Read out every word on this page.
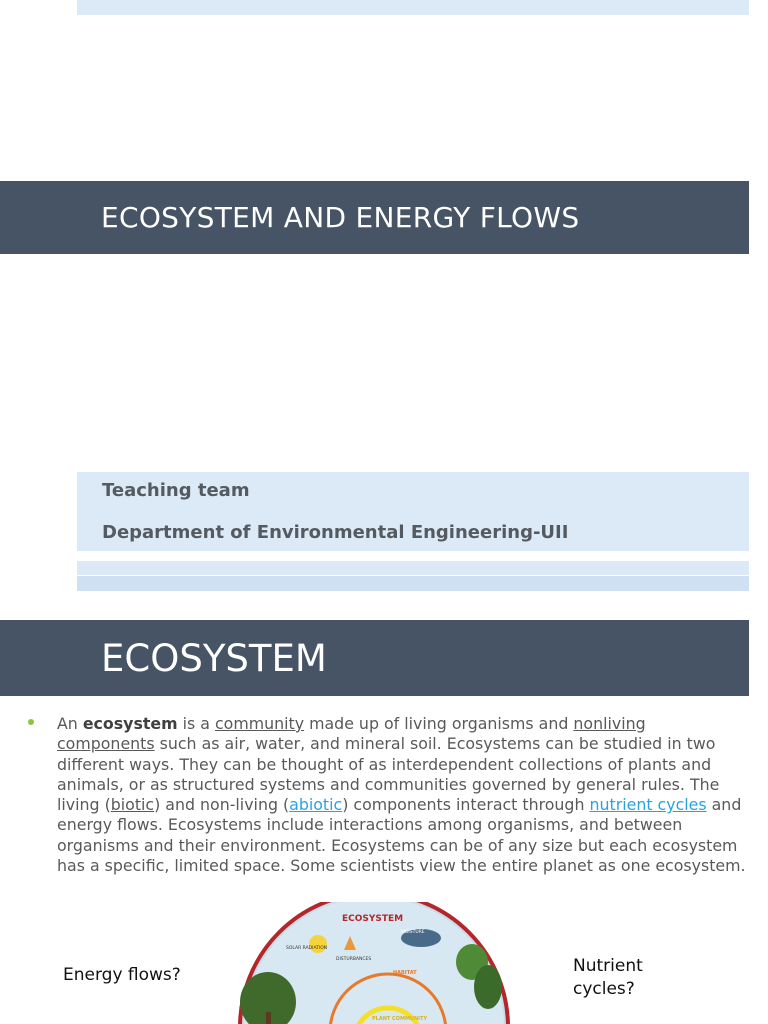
ECOSYSTEM AND ENERGY FLOWS
Teaching team
Department of Environmental Engineering-UII
ECOSYSTEM
An ecosystem is a community made up of living organisms and nonliving components such as air, water, and mineral soil. Ecosystems can be studied in two different ways. They can be thought of as interdependent collections of plants and animals, or as structured systems and communities governed by general rules. The living (biotic) and non-living (abiotic) components interact through nutrient cycles and energy flows. Ecosystems include interactions among organisms, and between organisms and their environment. Ecosystems can be of any size but each ecosystem has a specific, limited space. Some scientists view the entire planet as one ecosystem.
Energy flows?	Nutrient
cycles?
ECOSYSTEM
SOLAR RADIATION
MOISTURE
DISTURBANCES
HABITAT
PLANT COMMUNITY
